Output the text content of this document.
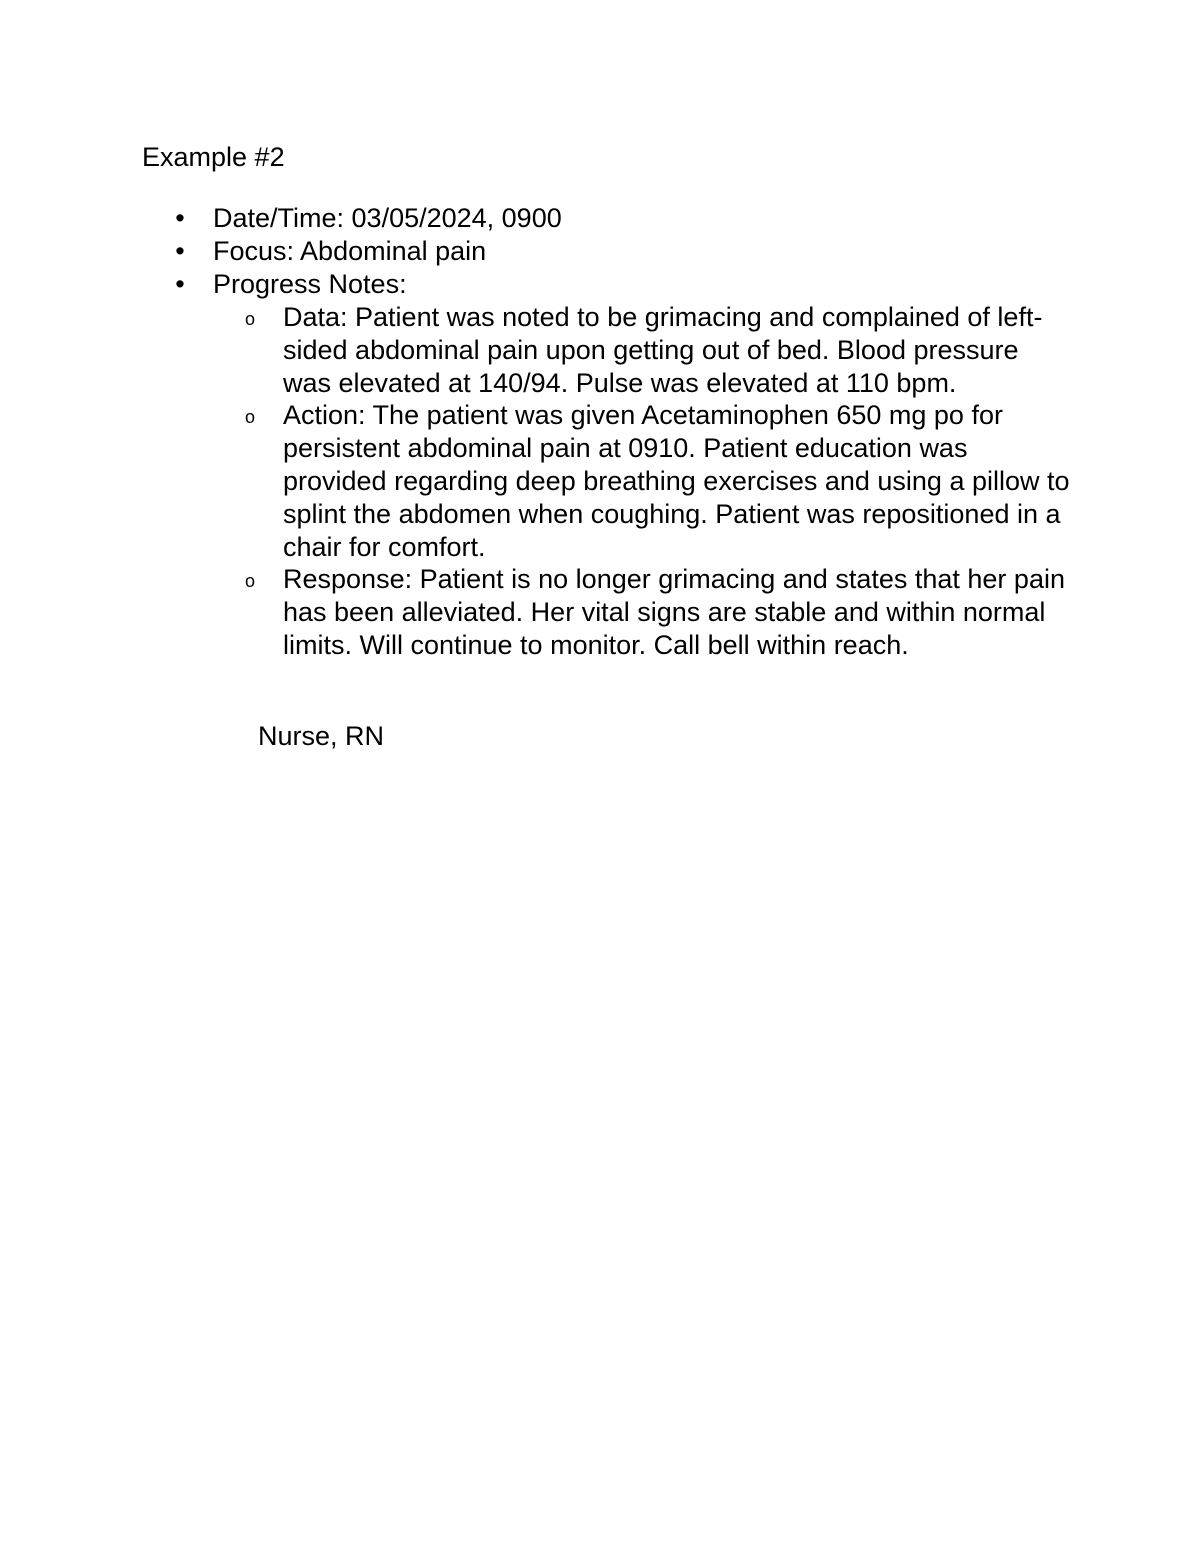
Example #2
• Date/Time: 03/05/2024, 0900
• Focus: Abdominal pain
• Progress Notes:
o Data: Patient was noted to be grimacing and complained of left-sided abdominal pain upon getting out of bed. Blood pressure was elevated at 140/94. Pulse was elevated at 110 bpm.
o Action: The patient was given Acetaminophen 650 mg po for persistent abdominal pain at 0910. Patient education was provided regarding deep breathing exercises and using a pillow to splint the abdomen when coughing. Patient was repositioned in a chair for comfort.
o Response: Patient is no longer grimacing and states that her pain has been alleviated. Her vital signs are stable and within normal limits. Will continue to monitor. Call bell within reach.
Nurse, RN
